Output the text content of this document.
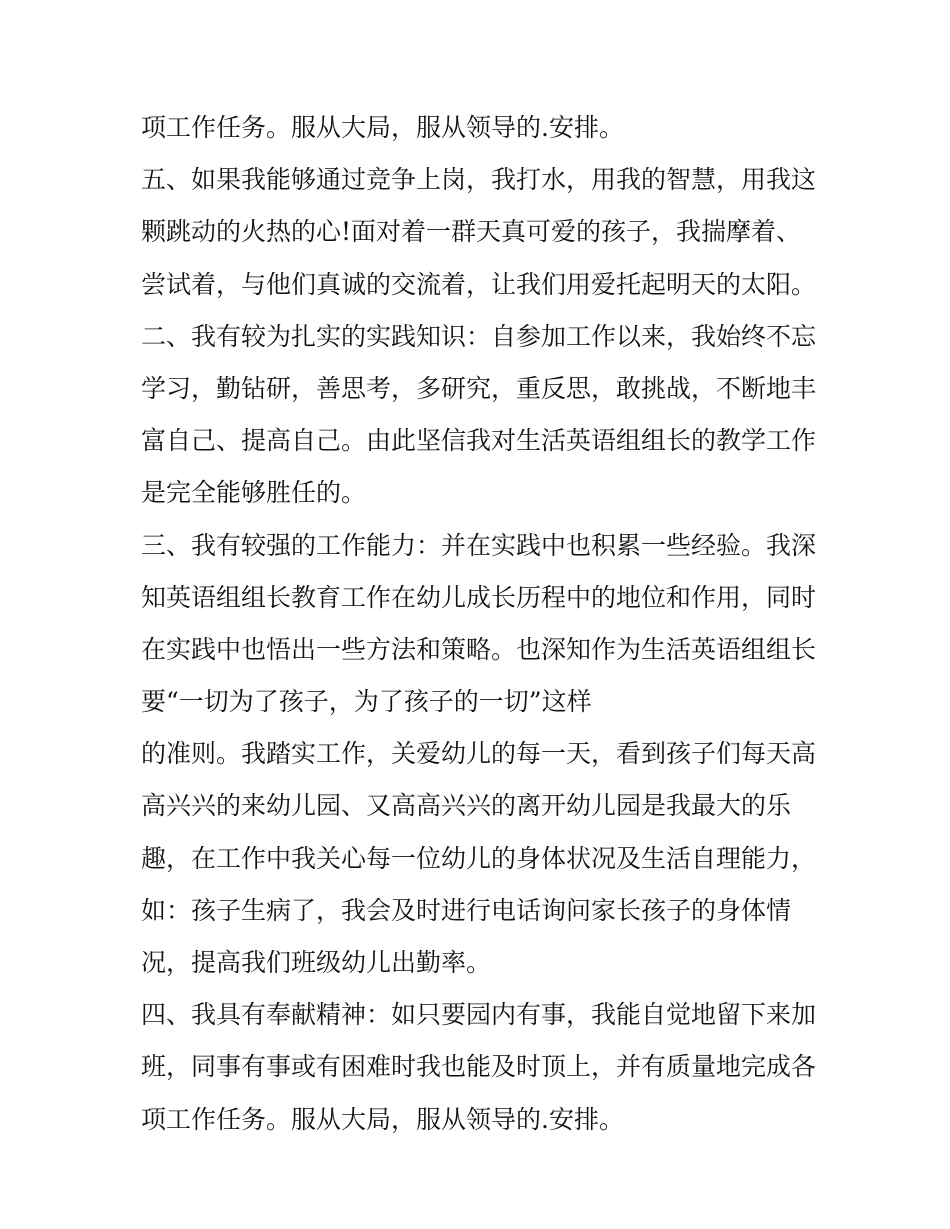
项工作任务。服从大局，服从领导的.安排。
五、如果我能够通过竞争上岗，我打水，用我的智慧，用我这
颗跳动的火热的心!面对着一群天真可爱的孩子，我揣摩着、
尝试着，与他们真诚的交流着，让我们用爱托起明天的太阳。
二、我有较为扎实的实践知识：自参加工作以来，我始终不忘
学习，勤钻研，善思考，多研究，重反思，敢挑战，不断地丰
富自己、提高自己。由此坚信我对生活英语组组长的教学工作
是完全能够胜任的。
三、我有较强的工作能力：并在实践中也积累一些经验。我深
知英语组组长教育工作在幼儿成长历程中的地位和作用，同时
在实践中也悟出一些方法和策略。也深知作为生活英语组组长
要“一切为了孩子，为了孩子的一切”这样
的准则。我踏实工作，关爱幼儿的每一天，看到孩子们每天高
高兴兴的来幼儿园、又高高兴兴的离开幼儿园是我最大的乐
趣，在工作中我关心每一位幼儿的身体状况及生活自理能力，
如：孩子生病了，我会及时进行电话询问家长孩子的身体情
况，提高我们班级幼儿出勤率。
四、我具有奉献精神：如只要园内有事，我能自觉地留下来加
班，同事有事或有困难时我也能及时顶上，并有质量地完成各
项工作任务。服从大局，服从领导的.安排。
